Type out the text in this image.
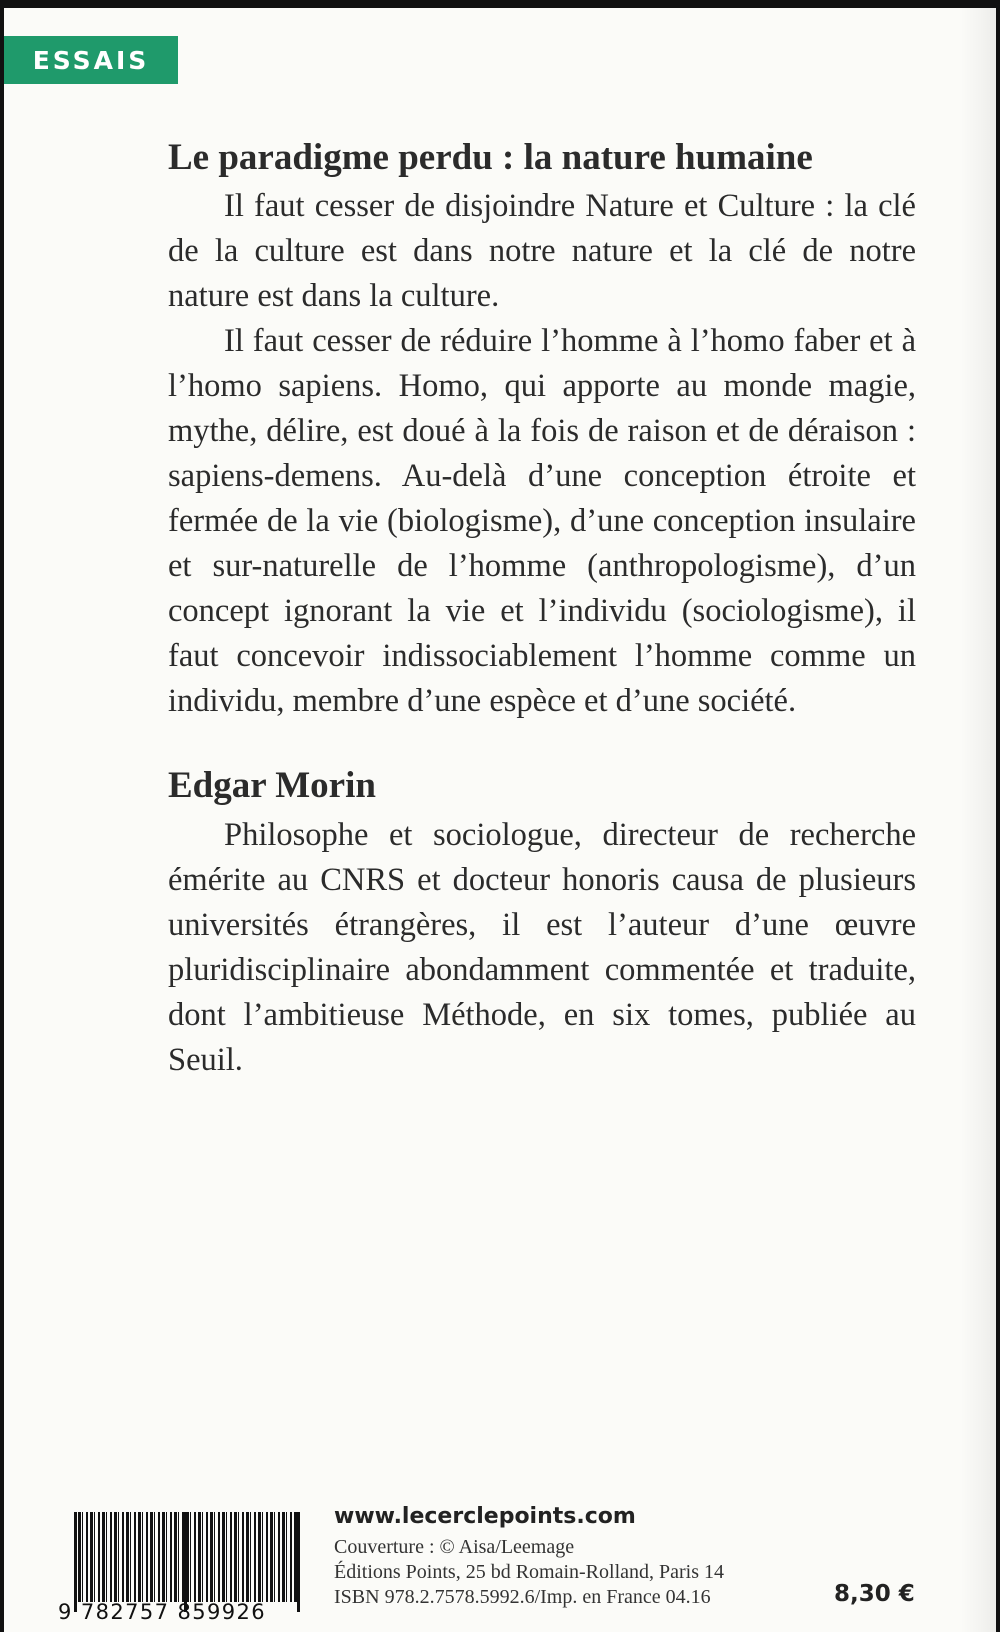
ESSAIS
Le paradigme perdu : la nature humaine

Il faut cesser de disjoindre Nature et Culture : la clé de la culture est dans notre nature et la clé de notre nature est dans la culture.

Il faut cesser de réduire l’homme à l’homo faber et à l’homo sapiens. Homo, qui apporte au monde magie, mythe, délire, est doué à la fois de raison et de déraison : sapiens-demens. Au-delà d’une conception étroite et fermée de la vie (biologisme), d’une conception insulaire et sur-naturelle de l’homme (anthropologisme), d’un concept ignorant la vie et l’individu (sociologisme), il faut concevoir indissociablement l’homme comme un individu, membre d’une espèce et d’une société.

Edgar Morin

Philosophe et sociologue, directeur de recherche émérite au CNRS et docteur honoris causa de plusieurs universités étrangères, il est l’auteur d’une œuvre pluridisciplinaire abondamment commentée et traduite, dont l’ambitieuse Méthode, en six tomes, publiée au Seuil.

9 782757 859926
www.lecerclepoints.com
Couverture : © Aisa/Leemage
Éditions Points, 25 bd Romain-Rolland, Paris 14
ISBN 978.2.7578.5992.6/Imp. en France 04.16	8,30 €
